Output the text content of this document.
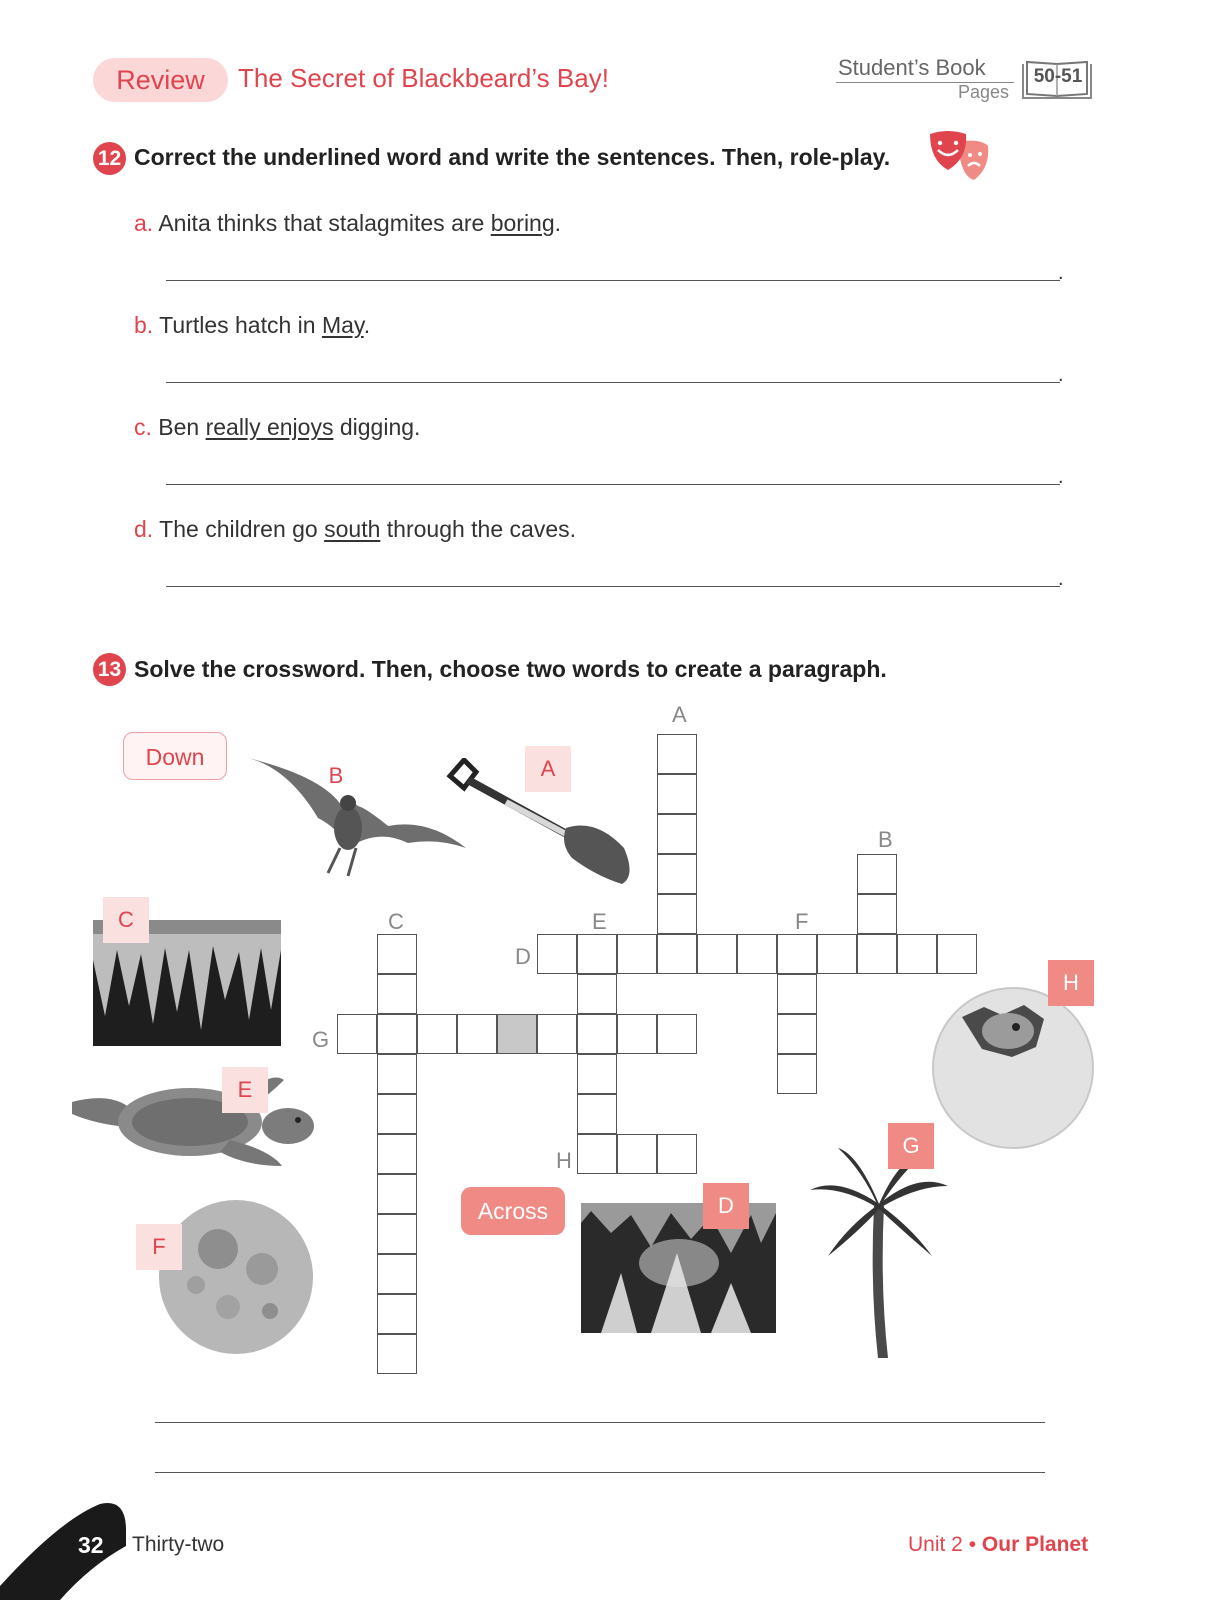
Review	The Secret of Blackbeard’s Bay!	Student’s Book
Pages
50-51
12 Correct the underlined word and write the sentences. Then, role-play.
a. Anita thinks that stalagmites are boring.
.
b. Turtles hatch in May.
.
c. Ben really enjoys digging.
.
d. The children go south through the caves.
.
13 Solve the crossword. Then, choose two words to create a paragraph.
Down
Across
B	A
C
E
F
D
G
H
A
B
C
D
E	F
G
H
32 Thirty-two	Unit 2 • Our Planet
